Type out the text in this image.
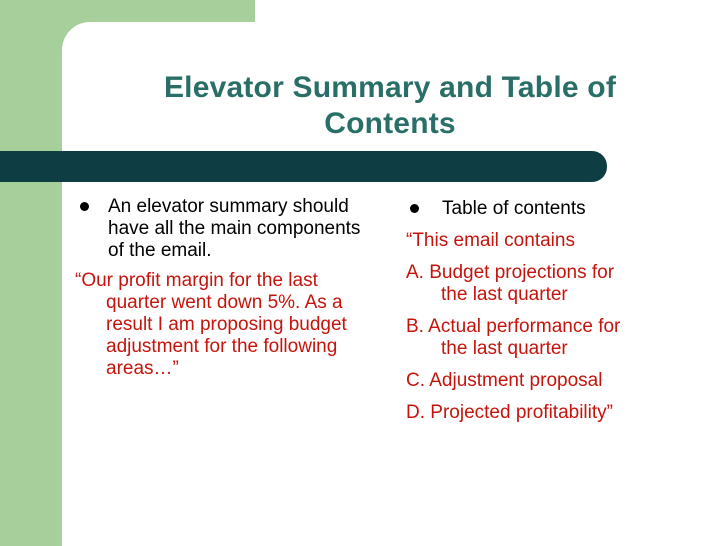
Elevator Summary and Table of
Contents
An elevator summary should have all the main components of the email.
“Our profit margin for the last quarter went down 5%. As a result I am proposing budget adjustment for the following areas…”
Table of contents
“This email contains
A. Budget projections for
the last quarter
B. Actual performance for
the last quarter
C. Adjustment proposal
D. Projected profitability”
